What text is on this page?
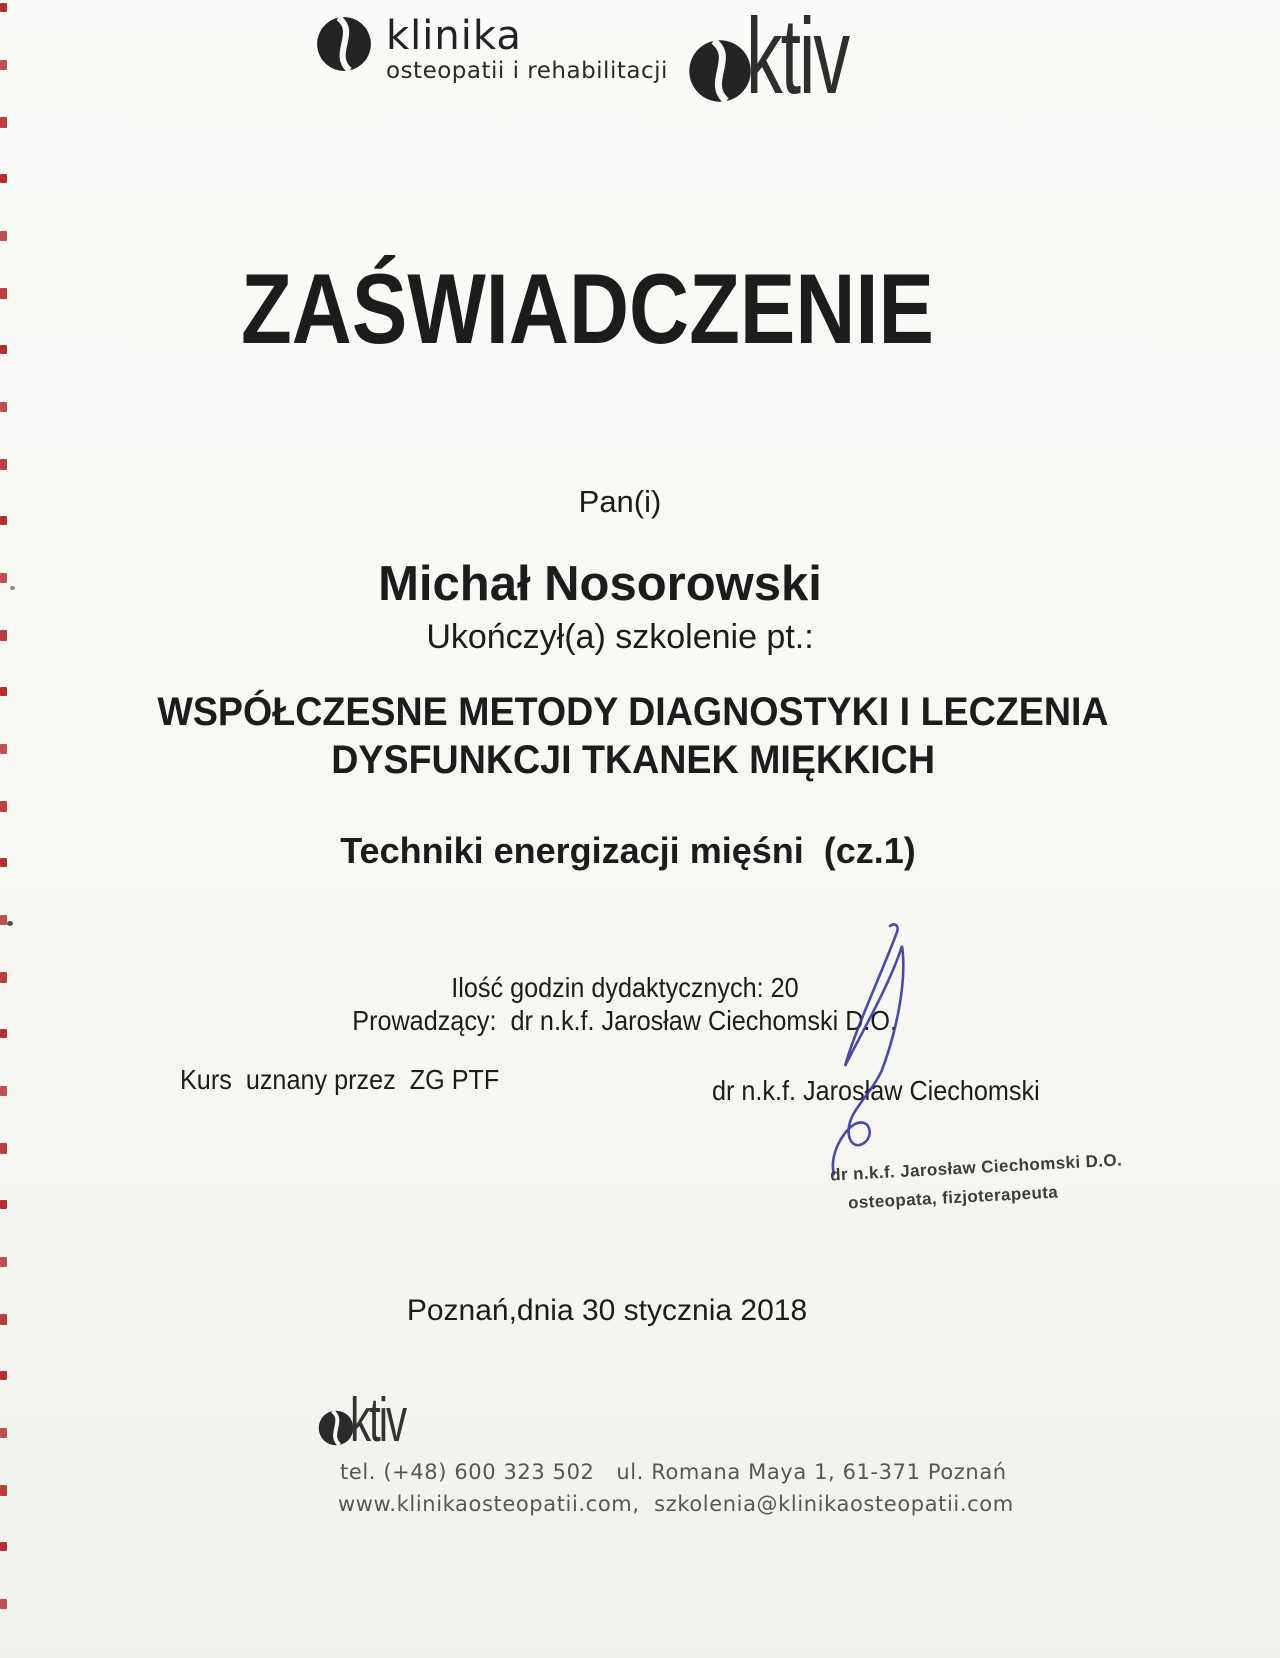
klinika
osteopatii i rehabilitacji ktiv
ZAŚWIADCZENIE
Pan(i)
Michał Nosorowski
Ukończył(a) szkolenie pt.:
WSPÓŁCZESNE METODY DIAGNOSTYKI I LECZENIA
DYSFUNKCJI TKANEK MIĘKKICH
Techniki energizacji mięśni  (cz.1)
Ilość godzin dydaktycznych: 20
Prowadzący:  dr n.k.f. Jarosław Ciechomski D.O.
Kurs  uznany przez  ZG PTF	dr n.k.f. Jarosław Ciechomski
dr n.k.f. Jarosław Ciechomski D.O.
osteopata, fizjoterapeuta
Poznań,dnia 30 stycznia 2018
ktiv
tel. (+48) 600 323 502   ul. Romana Maya 1, 61-371 Poznań
www.klinikaosteopatii.com,  szkolenia@klinikaosteopatii.com
